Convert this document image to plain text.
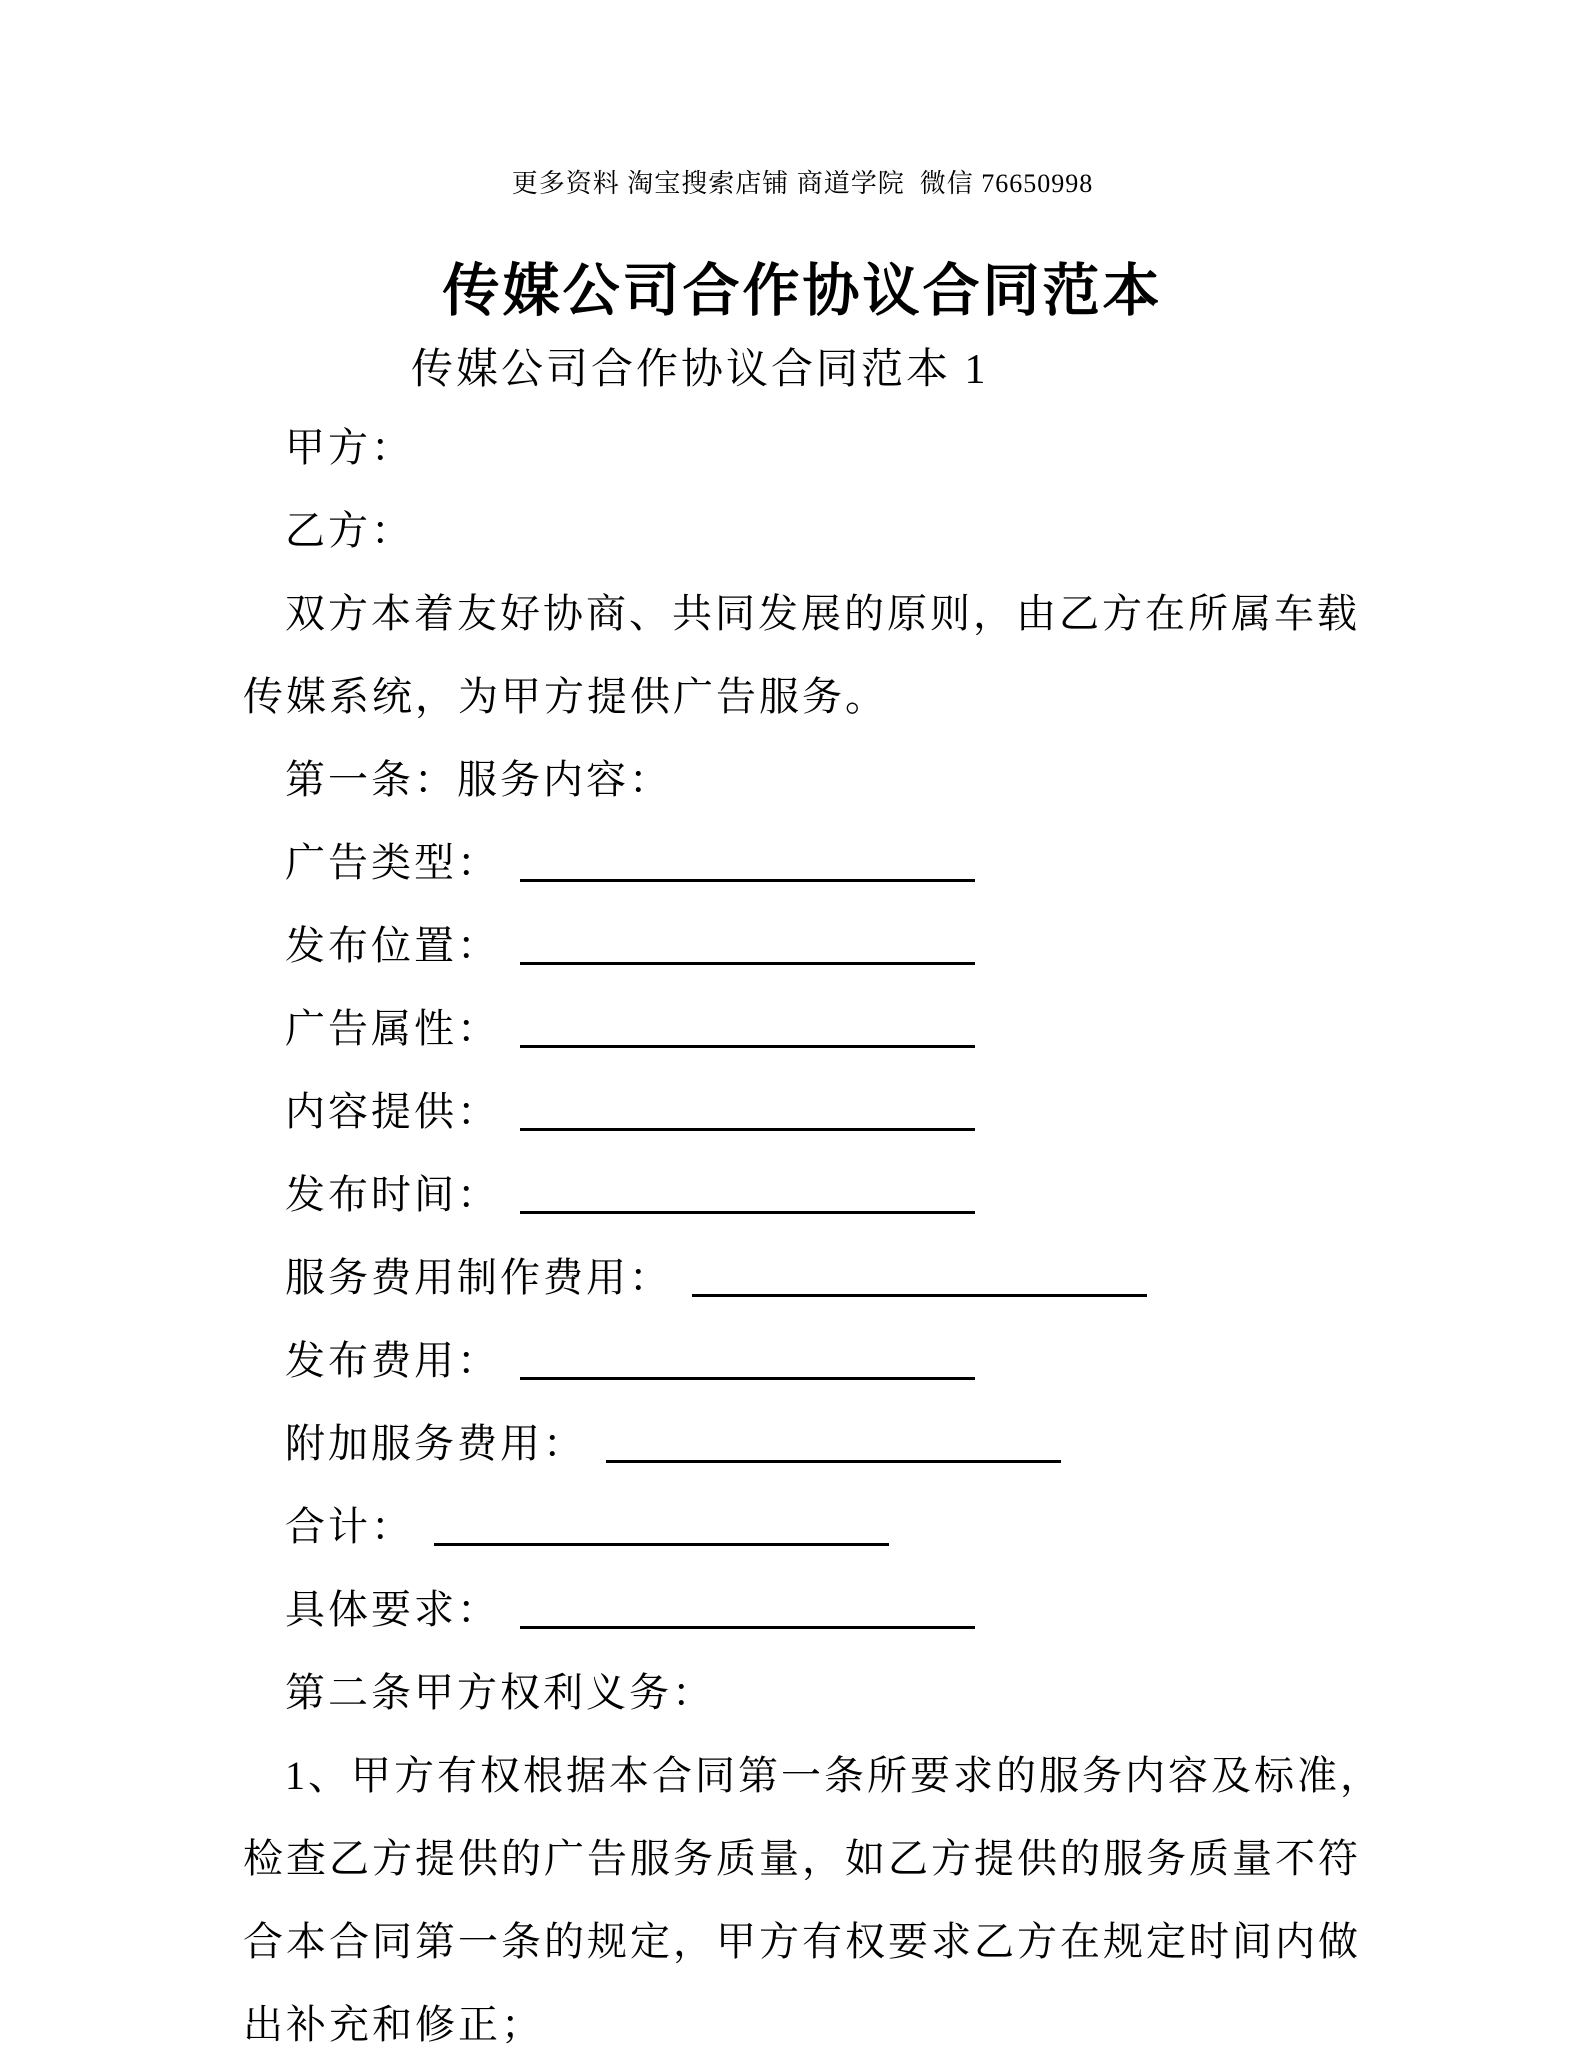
更多资料 淘宝搜索店铺 商道学院  微信 76650998
传媒公司合作协议合同范本
传媒公司合作协议合同范本 1

甲方：

乙方：

双方本着友好协商、共同发展的原则，由乙方在所属车载

传媒系统，为甲方提供广告服务。

第一条：服务内容：

广告类型：

发布位置：

广告属性：

内容提供：

发布时间：

服务费用制作费用：

发布费用：

附加服务费用：

合计：

具体要求：

第二条甲方权利义务：

1、甲方有权根据本合同第一条所要求的服务内容及标准，

检查乙方提供的广告服务质量，如乙方提供的服务质量不符

合本合同第一条的规定，甲方有权要求乙方在规定时间内做

出补充和修正；
